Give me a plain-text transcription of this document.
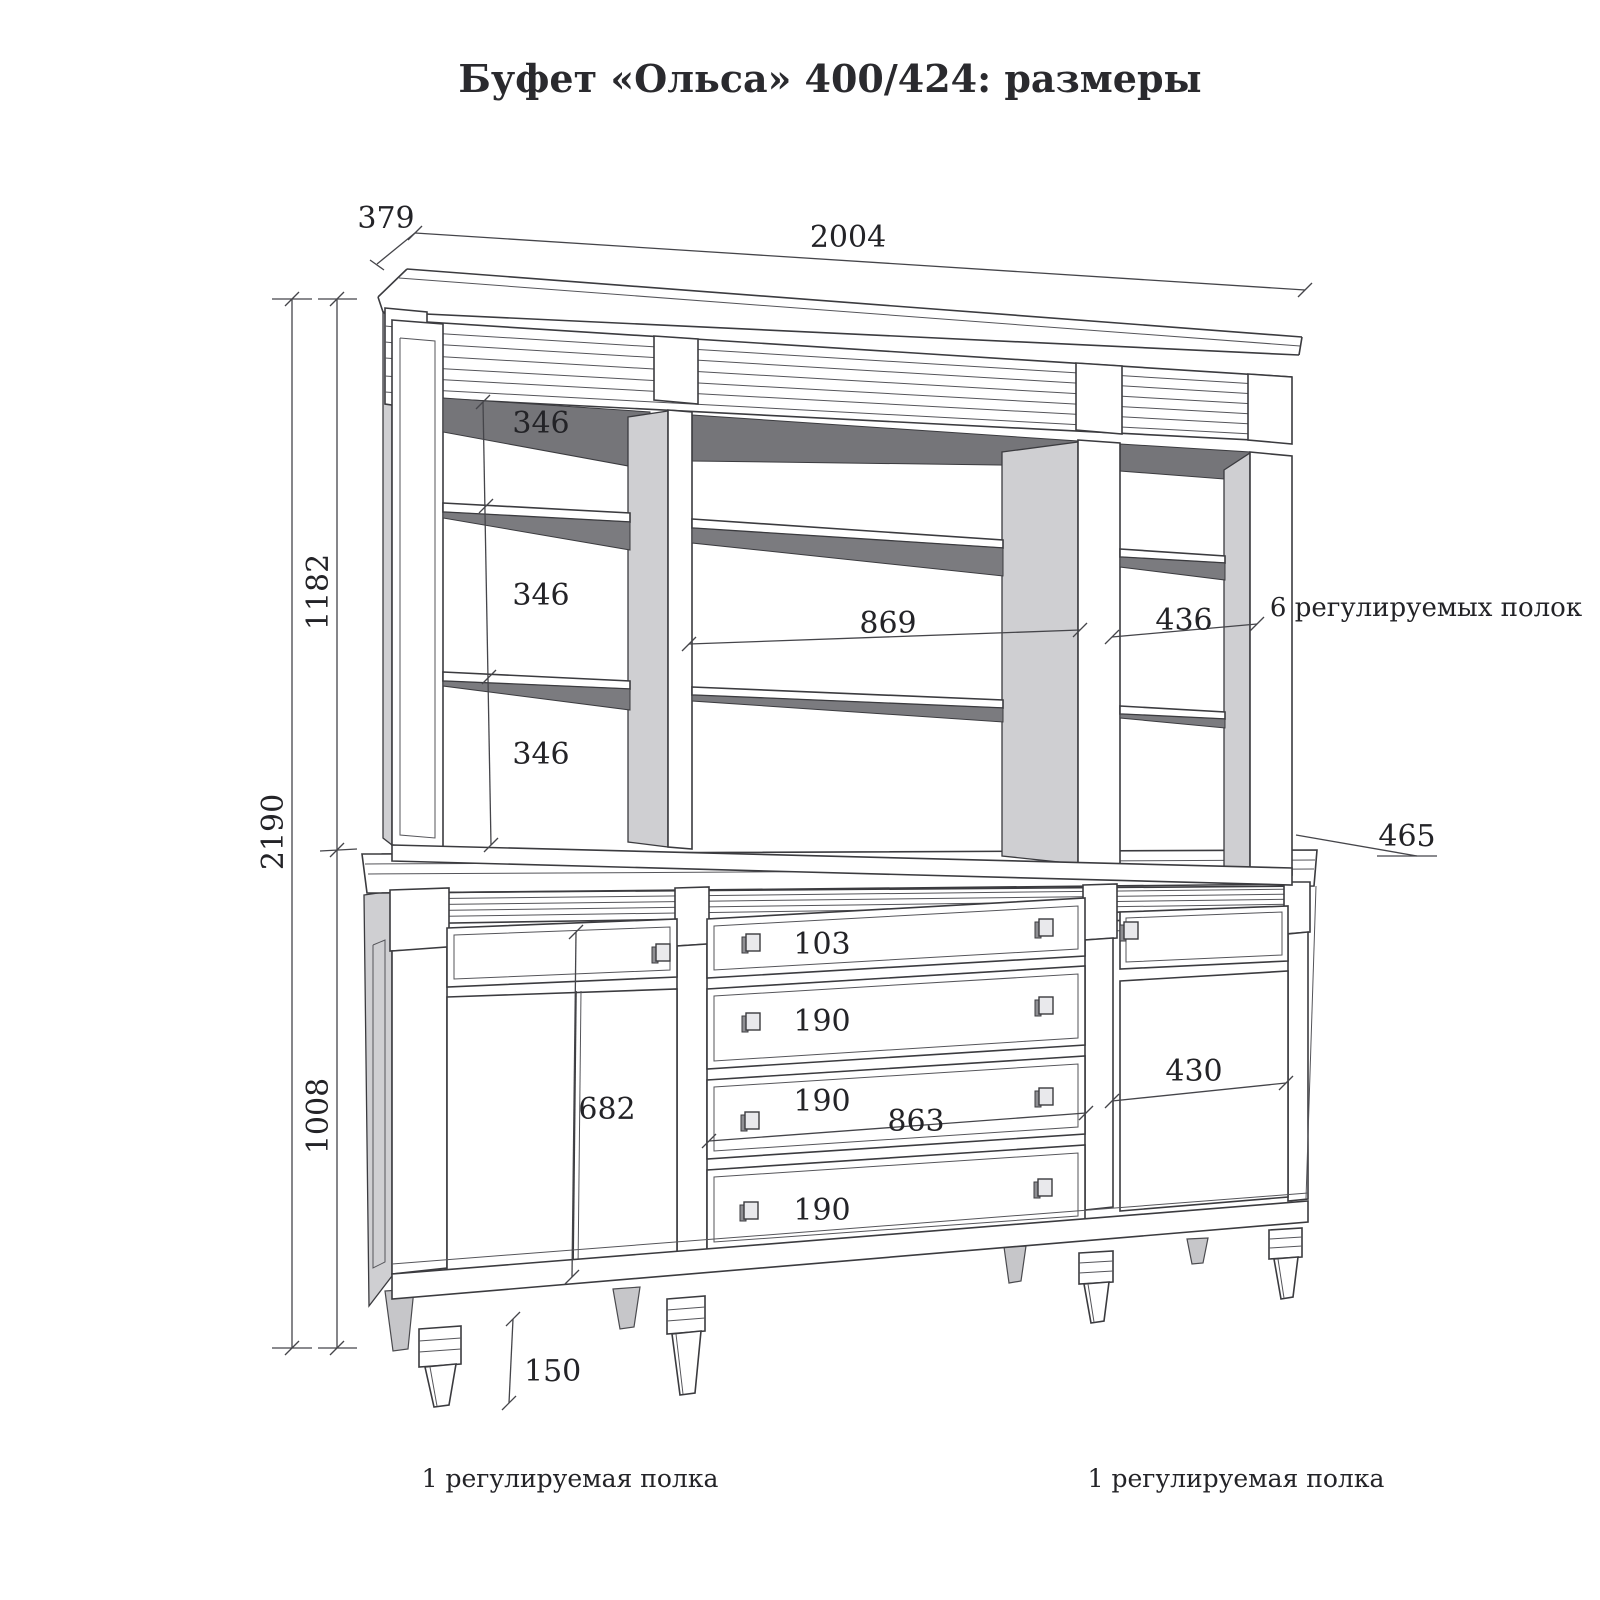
Буфет «Ольса» 400/424: размеры
2004
379
2190
1182
1008
346
346
346
869	436
465
682	863
430
103
190
190
190
150
6 регулируемых полок
1 регулируемая полка	1 регулируемая полка
